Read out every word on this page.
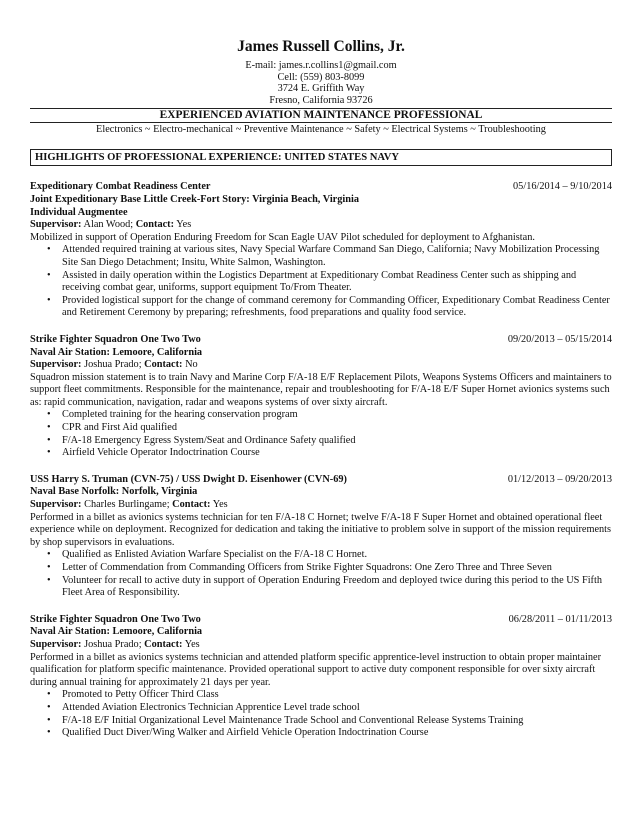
James Russell Collins, Jr.
E-mail: james.r.collins1@gmail.com
Cell: (559) 803-8099
3724 E. Griffith Way
Fresno, California 93726
EXPERIENCED AVIATION MAINTENANCE PROFESSIONAL
Electronics ~ Electro-mechanical ~ Preventive Maintenance ~ Safety ~ Electrical Systems ~ Troubleshooting
HIGHLIGHTS OF PROFESSIONAL EXPERIENCE: UNITED STATES NAVY
Expeditionary Combat Readiness Center	05/16/2014 – 9/10/2014
Joint Expeditionary Base Little Creek-Fort Story: Virginia Beach, Virginia
Individual Augmentee
Supervisor: Alan Wood; Contact: Yes
Mobilized in support of Operation Enduring Freedom for Scan Eagle UAV Pilot scheduled for deployment to Afghanistan.
• Attended required training at various sites, Navy Special Warfare Command San Diego, California; Navy Mobilization Processing Site San Diego Detachment; Insitu, White Salmon, Washington.
• Assisted in daily operation within the Logistics Department at Expeditionary Combat Readiness Center such as shipping and receiving combat gear, uniforms, support equipment To/From Theater.
• Provided logistical support for the change of command ceremony for Commanding Officer, Expeditionary Combat Readiness Center and Retirement Ceremony by preparing; refreshments, food preparations and quality food service.
Strike Fighter Squadron One Two Two	09/20/2013 – 05/15/2014
Naval Air Station: Lemoore, California
Supervisor: Joshua Prado; Contact: No
Squadron mission statement is to train Navy and Marine Corp F/A-18 E/F Replacement Pilots, Weapons Systems Officers and maintainers to support fleet commitments. Responsible for the maintenance, repair and troubleshooting for F/A-18 E/F Super Hornet avionics systems such as: rapid communication, navigation, radar and weapons systems of over sixty aircraft.
• Completed training for the hearing conservation program
• CPR and First Aid qualified
• F/A-18 Emergency Egress System/Seat and Ordinance Safety qualified
• Airfield Vehicle Operator Indoctrination Course
USS Harry S. Truman (CVN-75) / USS Dwight D. Eisenhower (CVN-69)	01/12/2013 – 09/20/2013
Naval Base Norfolk: Norfolk, Virginia
Supervisor: Charles Burlingame; Contact: Yes
Performed in a billet as avionics systems technician for ten F/A-18 C Hornet; twelve F/A-18 F Super Hornet and obtained operational fleet experience while on deployment. Recognized for dedication and taking the initiative to problem solve in support of the mission requirements by shop supervisors in evaluations.
• Qualified as Enlisted Aviation Warfare Specialist on the F/A-18 C Hornet.
• Letter of Commendation from Commanding Officers from Strike Fighter Squadrons: One Zero Three and Three Seven
• Volunteer for recall to active duty in support of Operation Enduring Freedom and deployed twice during this period to the US Fifth Fleet Area of Responsibility.
Strike Fighter Squadron One Two Two	06/28/2011 – 01/11/2013
Naval Air Station: Lemoore, California
Supervisor: Joshua Prado; Contact: Yes
Performed in a billet as avionics systems technician and attended platform specific apprentice-level instruction to obtain proper maintainer qualification for platform specific maintenance. Provided operational support to active duty component responsible for over sixty aircraft during annual training for approximately 21 days per year.
• Promoted to Petty Officer Third Class
• Attended Aviation Electronics Technician Apprentice Level trade school
• F/A-18 E/F Initial Organizational Level Maintenance Trade School and Conventional Release Systems Training
• Qualified Duct Diver/Wing Walker and Airfield Vehicle Operation Indoctrination Course
